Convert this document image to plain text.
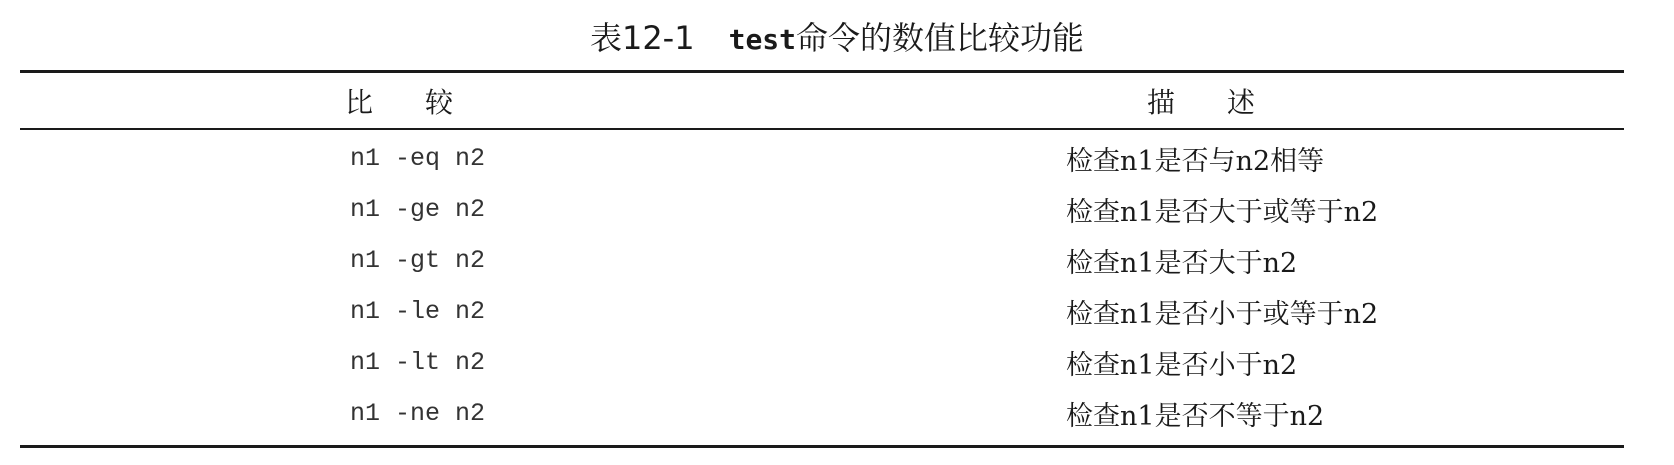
表12-1 test命令的数值比较功能
比较	描述
n1 -eq n2	检查n1是否与n2相等
n1 -ge n2	检查n1是否大于或等于n2
n1 -gt n2	检查n1是否大于n2
n1 -le n2	检查n1是否小于或等于n2
n1 -lt n2	检查n1是否小于n2
n1 -ne n2	检查n1是否不等于n2
